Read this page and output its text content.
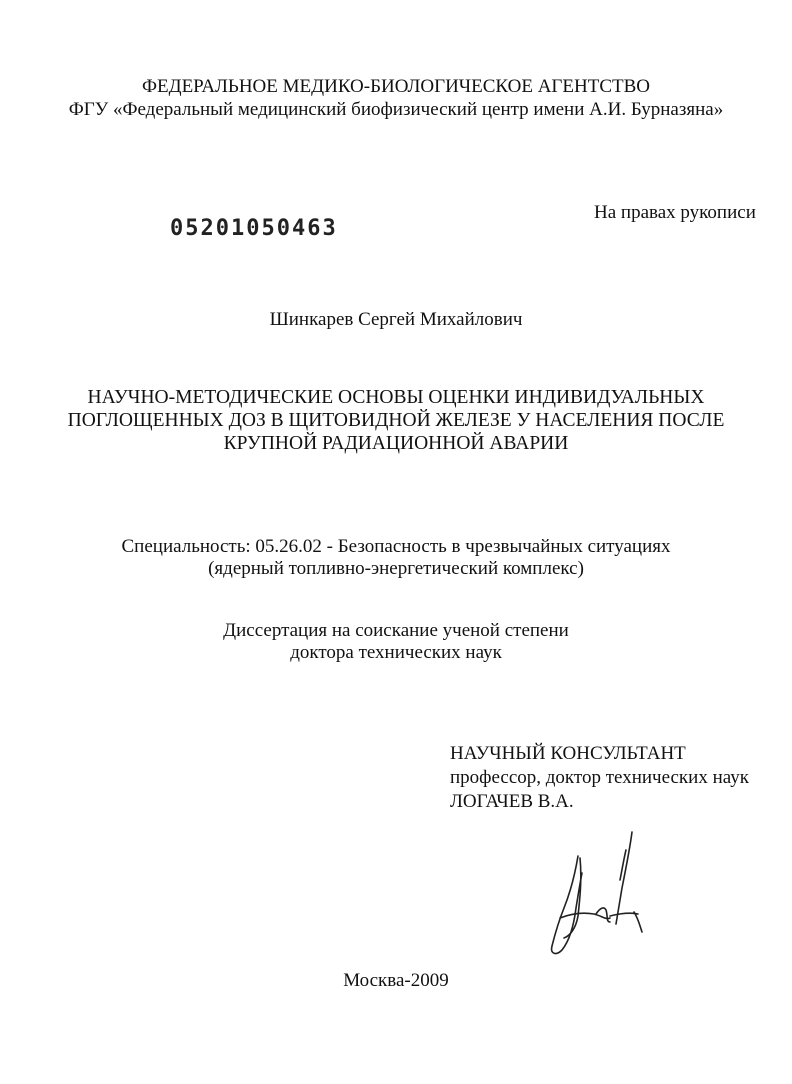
ФЕДЕРАЛЬНОЕ МЕДИКО-БИОЛОГИЧЕСКОЕ АГЕНТСТВО
ФГУ «Федеральный медицинский биофизический центр имени А.И. Бурназяна»
05201050463
На правах рукописи
Шинкарев Сергей Михайлович
НАУЧНО-МЕТОДИЧЕСКИЕ ОСНОВЫ ОЦЕНКИ ИНДИВИДУАЛЬНЫХ
ПОГЛОЩЕННЫХ ДОЗ В ЩИТОВИДНОЙ ЖЕЛЕЗЕ У НАСЕЛЕНИЯ ПОСЛЕ
КРУПНОЙ РАДИАЦИОННОЙ АВАРИИ
Специальность: 05.26.02 - Безопасность в чрезвычайных ситуациях
(ядерный топливно-энергетический комплекс)
Диссертация на соискание ученой степени
доктора технических наук
НАУЧНЫЙ КОНСУЛЬТАНТ
профессор, доктор технических наук
ЛОГАЧЕВ В.А.
Москва-2009
